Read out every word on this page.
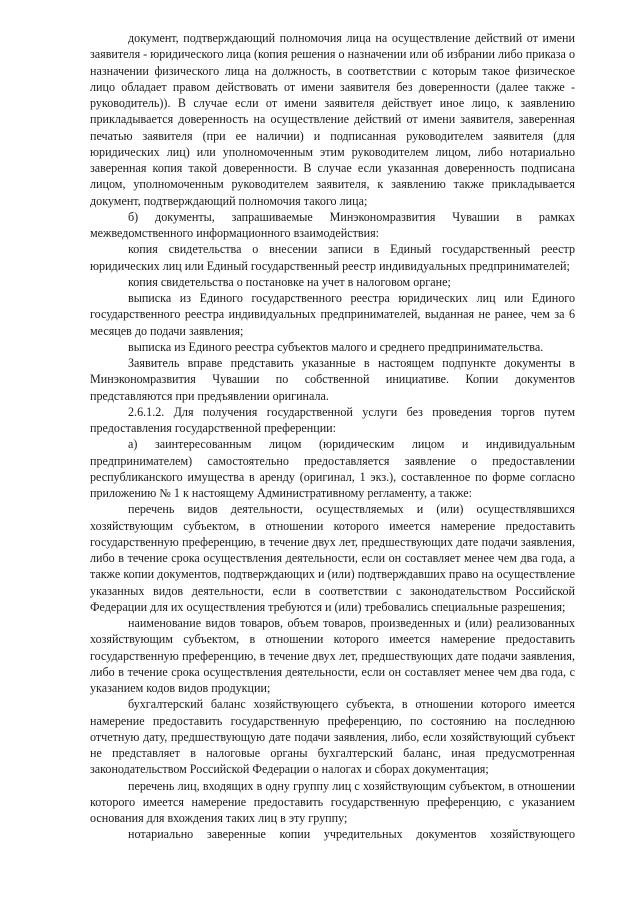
документ, подтверждающий полномочия лица на осуществление действий от имени заявителя - юридического лица (копия решения о назначении или об избрании либо приказа о назначении физического лица на должность, в соответствии с которым такое физическое лицо обладает правом действовать от имени заявителя без доверенности (далее также - руководитель)). В случае если от имени заявителя действует иное лицо, к заявлению прикладывается доверенность на осуществление действий от имени заявителя, заверенная печатью заявителя (при ее наличии) и подписанная руководителем заявителя (для юридических лиц) или уполномоченным этим руководителем лицом, либо нотариально заверенная копия такой доверенности. В случае если указанная доверенность подписана лицом, уполномоченным руководителем заявителя, к заявлению также прикладывается документ, подтверждающий полномочия такого лица;

б) документы, запрашиваемые Минэкономразвития Чувашии в рамках межведомственного информационного взаимодействия:

копия свидетельства о внесении записи в Единый государственный реестр юридических лиц или Единый государственный реестр индивидуальных предпринимателей;

копия свидетельства о постановке на учет в налоговом органе;

выписка из Единого государственного реестра юридических лиц или Единого государственного реестра индивидуальных предпринимателей, выданная не ранее, чем за 6 месяцев до подачи заявления;

выписка из Единого реестра субъектов малого и среднего предпринимательства.

Заявитель вправе представить указанные в настоящем подпункте документы в Минэкономразвития Чувашии по собственной инициативе. Копии документов представляются при предъявлении оригинала.

2.6.1.2. Для получения государственной услуги без проведения торгов путем предоставления государственной преференции:

а) заинтересованным лицом (юридическим лицом и индивидуальным предпринимателем) самостоятельно предоставляется заявление о предоставлении республиканского имущества в аренду (оригинал, 1 экз.), составленное по форме согласно приложению № 1 к настоящему Административному регламенту, а также:

перечень видов деятельности, осуществляемых и (или) осуществлявшихся хозяйствующим субъектом, в отношении которого имеется намерение предоставить государственную преференцию, в течение двух лет, предшествующих дате подачи заявления, либо в течение срока осуществления деятельности, если он составляет менее чем два года, а также копии документов, подтверждающих и (или) подтверждавших право на осуществление указанных видов деятельности, если в соответствии с законодательством Российской Федерации для их осуществления требуются и (или) требовались специальные разрешения;

наименование видов товаров, объем товаров, произведенных и (или) реализованных хозяйствующим субъектом, в отношении которого имеется намерение предоставить государственную преференцию, в течение двух лет, предшествующих дате подачи заявления, либо в течение срока осуществления деятельности, если он составляет менее чем два года, с указанием кодов видов продукции;

бухгалтерский баланс хозяйствующего субъекта, в отношении которого имеется намерение предоставить государственную преференцию, по состоянию на последнюю отчетную дату, предшествующую дате подачи заявления, либо, если хозяйствующий субъект не представляет в налоговые органы бухгалтерский баланс, иная предусмотренная законодательством Российской Федерации о налогах и сборах документация;

перечень лиц, входящих в одну группу лиц с хозяйствующим субъектом, в отношении которого имеется намерение предоставить государственную преференцию, с указанием основания для вхождения таких лиц в эту группу;

нотариально заверенные копии учредительных документов хозяйствующего
